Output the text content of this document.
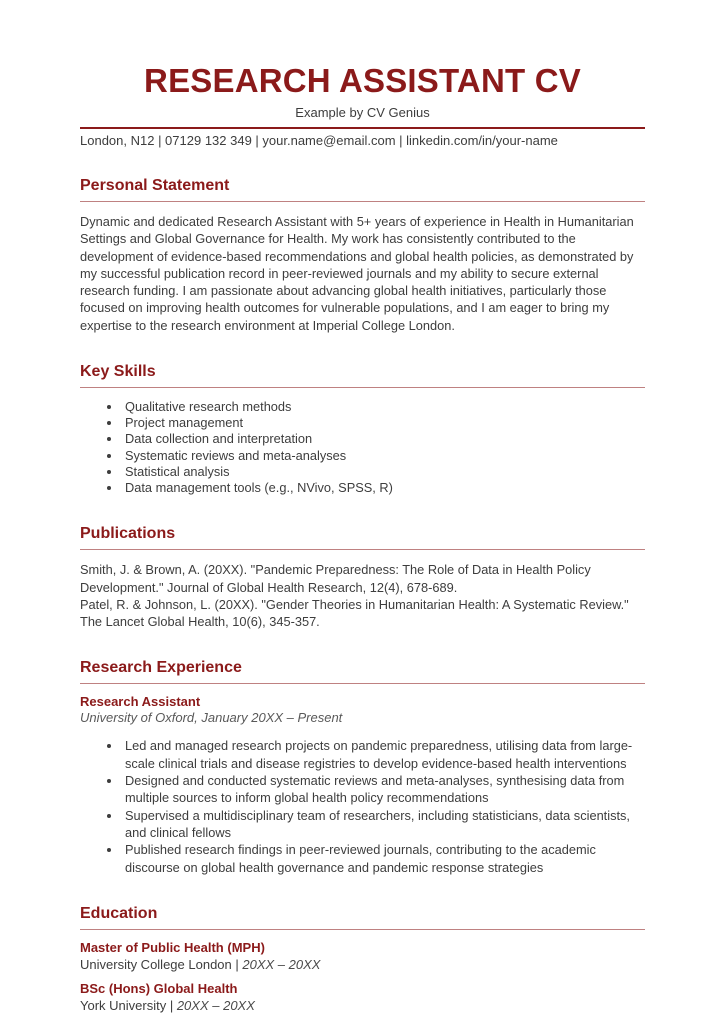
RESEARCH ASSISTANT CV
Example by CV Genius
London, N12 | 07129 132 349 | your.name@email.com | linkedin.com/in/your-name
Personal Statement

Dynamic and dedicated Research Assistant with 5+ years of experience in Health in Humanitarian Settings and Global Governance for Health. My work has consistently contributed to the development of evidence-based recommendations and global health policies, as demonstrated by my successful publication record in peer-reviewed journals and my ability to secure external research funding. I am passionate about advancing global health initiatives, particularly those focused on improving health outcomes for vulnerable populations, and I am eager to bring my expertise to the research environment at Imperial College London.

Key Skills
• Qualitative research methods
• Project management
• Data collection and interpretation
• Systematic reviews and meta-analyses
• Statistical analysis
• Data management tools (e.g., NVivo, SPSS, R)
Publications

Smith, J. & Brown, A. (20XX). "Pandemic Preparedness: The Role of Data in Health Policy Development." Journal of Global Health Research, 12(4), 678-689.

Patel, R. & Johnson, L. (20XX). "Gender Theories in Humanitarian Health: A Systematic Review." The Lancet Global Health, 10(6), 345-357.

Research Experience
Research Assistant
University of Oxford, January 20XX – Present
• Led and managed research projects on pandemic preparedness, utilising data from large-scale clinical trials and disease registries to develop evidence-based health interventions
• Designed and conducted systematic reviews and meta-analyses, synthesising data from multiple sources to inform global health policy recommendations
• Supervised a multidisciplinary team of researchers, including statisticians, data scientists, and clinical fellows
• Published research findings in peer-reviewed journals, contributing to the academic discourse on global health governance and pandemic response strategies
Education
Master of Public Health (MPH)
University College London | 20XX – 20XX
BSc (Hons) Global Health
York University | 20XX – 20XX
